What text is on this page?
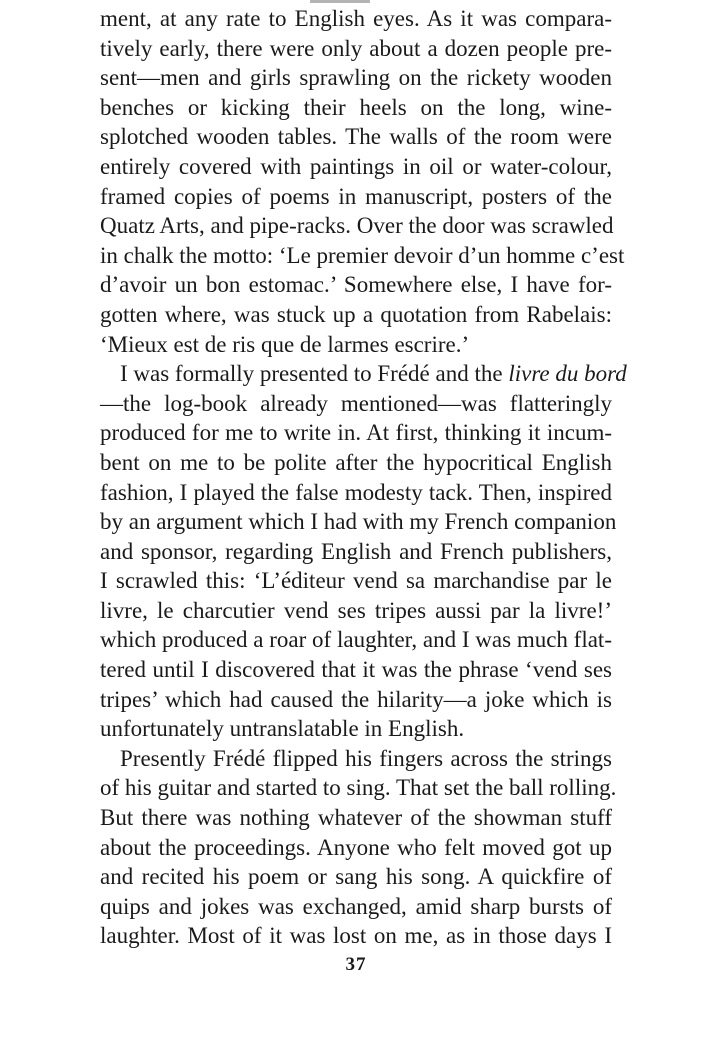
ment, at any rate to English eyes. As it was compara-
tively early, there were only about a dozen people pre-
sent—men and girls sprawling on the rickety wooden
benches or kicking their heels on the long, wine-
splotched wooden tables. The walls of the room were
entirely covered with paintings in oil or water-colour,
framed copies of poems in manuscript, posters of the
Quatz Arts, and pipe-racks. Over the door was scrawled
in chalk the motto: ‘Le premier devoir d’un homme c’est
d’avoir un bon estomac.’ Somewhere else, I have for-
gotten where, was stuck up a quotation from Rabelais:
‘Mieux est de ris que de larmes escrire.’
I was formally presented to Frédé and the livre du bord
—the log-book already mentioned—was flatteringly
produced for me to write in. At first, thinking it incum-
bent on me to be polite after the hypocritical English
fashion, I played the false modesty tack. Then, inspired
by an argument which I had with my French companion
and sponsor, regarding English and French publishers,
I scrawled this: ‘L’éditeur vend sa marchandise par le
livre, le charcutier vend ses tripes aussi par la livre!’
which produced a roar of laughter, and I was much flat-
tered until I discovered that it was the phrase ‘vend ses
tripes’ which had caused the hilarity—a joke which is
unfortunately untranslatable in English.
Presently Frédé flipped his fingers across the strings
of his guitar and started to sing. That set the ball rolling.
But there was nothing whatever of the showman stuff
about the proceedings. Anyone who felt moved got up
and recited his poem or sang his song. A quickfire of
quips and jokes was exchanged, amid sharp bursts of
laughter. Most of it was lost on me, as in those days I
37
